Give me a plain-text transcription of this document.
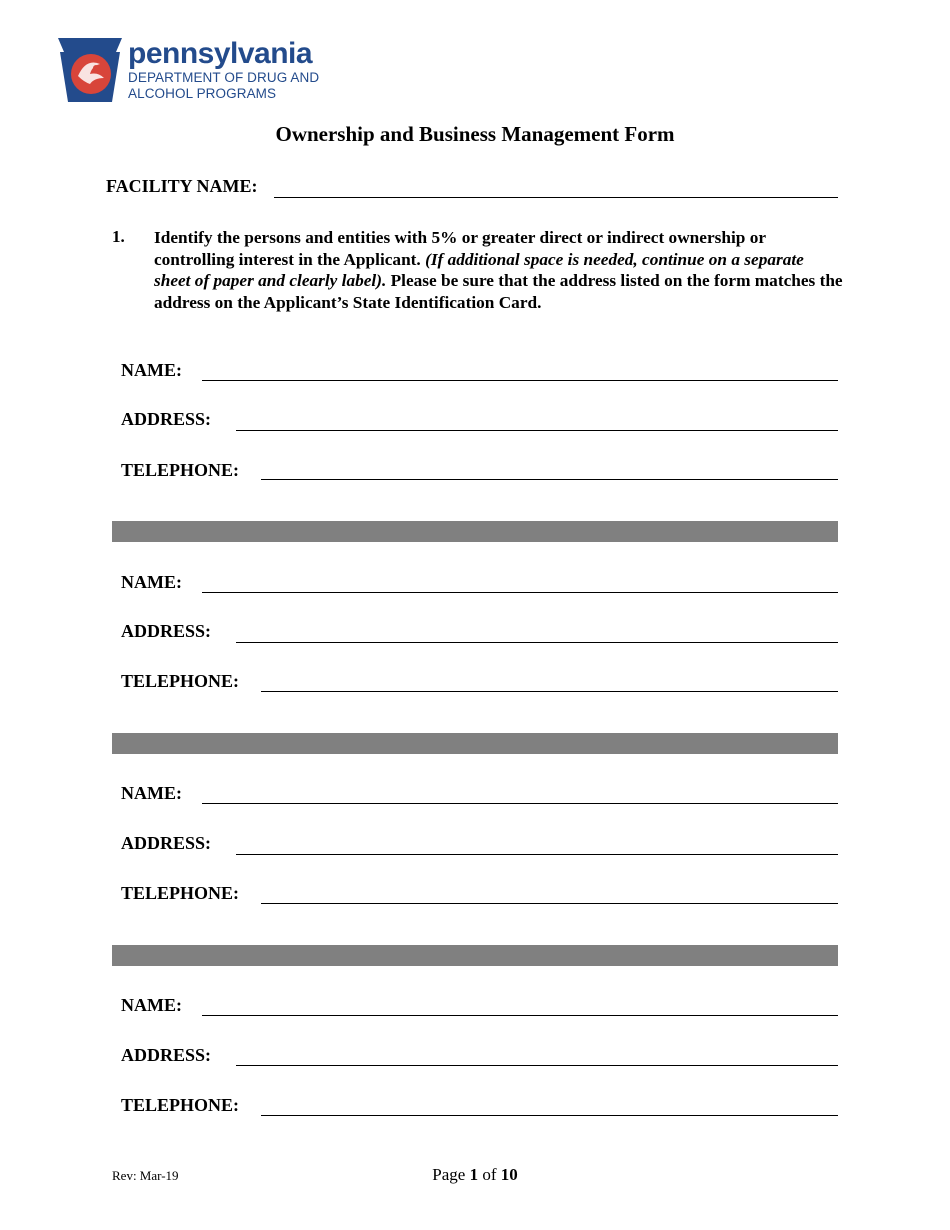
pennsylvania
DEPARTMENT OF DRUG AND
ALCOHOL PROGRAMS
Ownership and Business Management Form
FACILITY NAME:
1. Identify the persons and entities with 5% or greater direct or indirect ownership or controlling interest in the Applicant. (If additional space is needed, continue on a separate sheet of paper and clearly label). Please be sure that the address listed on the form matches the address on the Applicant’s State Identification Card.
NAME:
ADDRESS:
TELEPHONE:
NAME:
ADDRESS:
TELEPHONE:
NAME:
ADDRESS:
TELEPHONE:
NAME:
ADDRESS:
TELEPHONE:
Rev: Mar-19	Page 1 of 10
